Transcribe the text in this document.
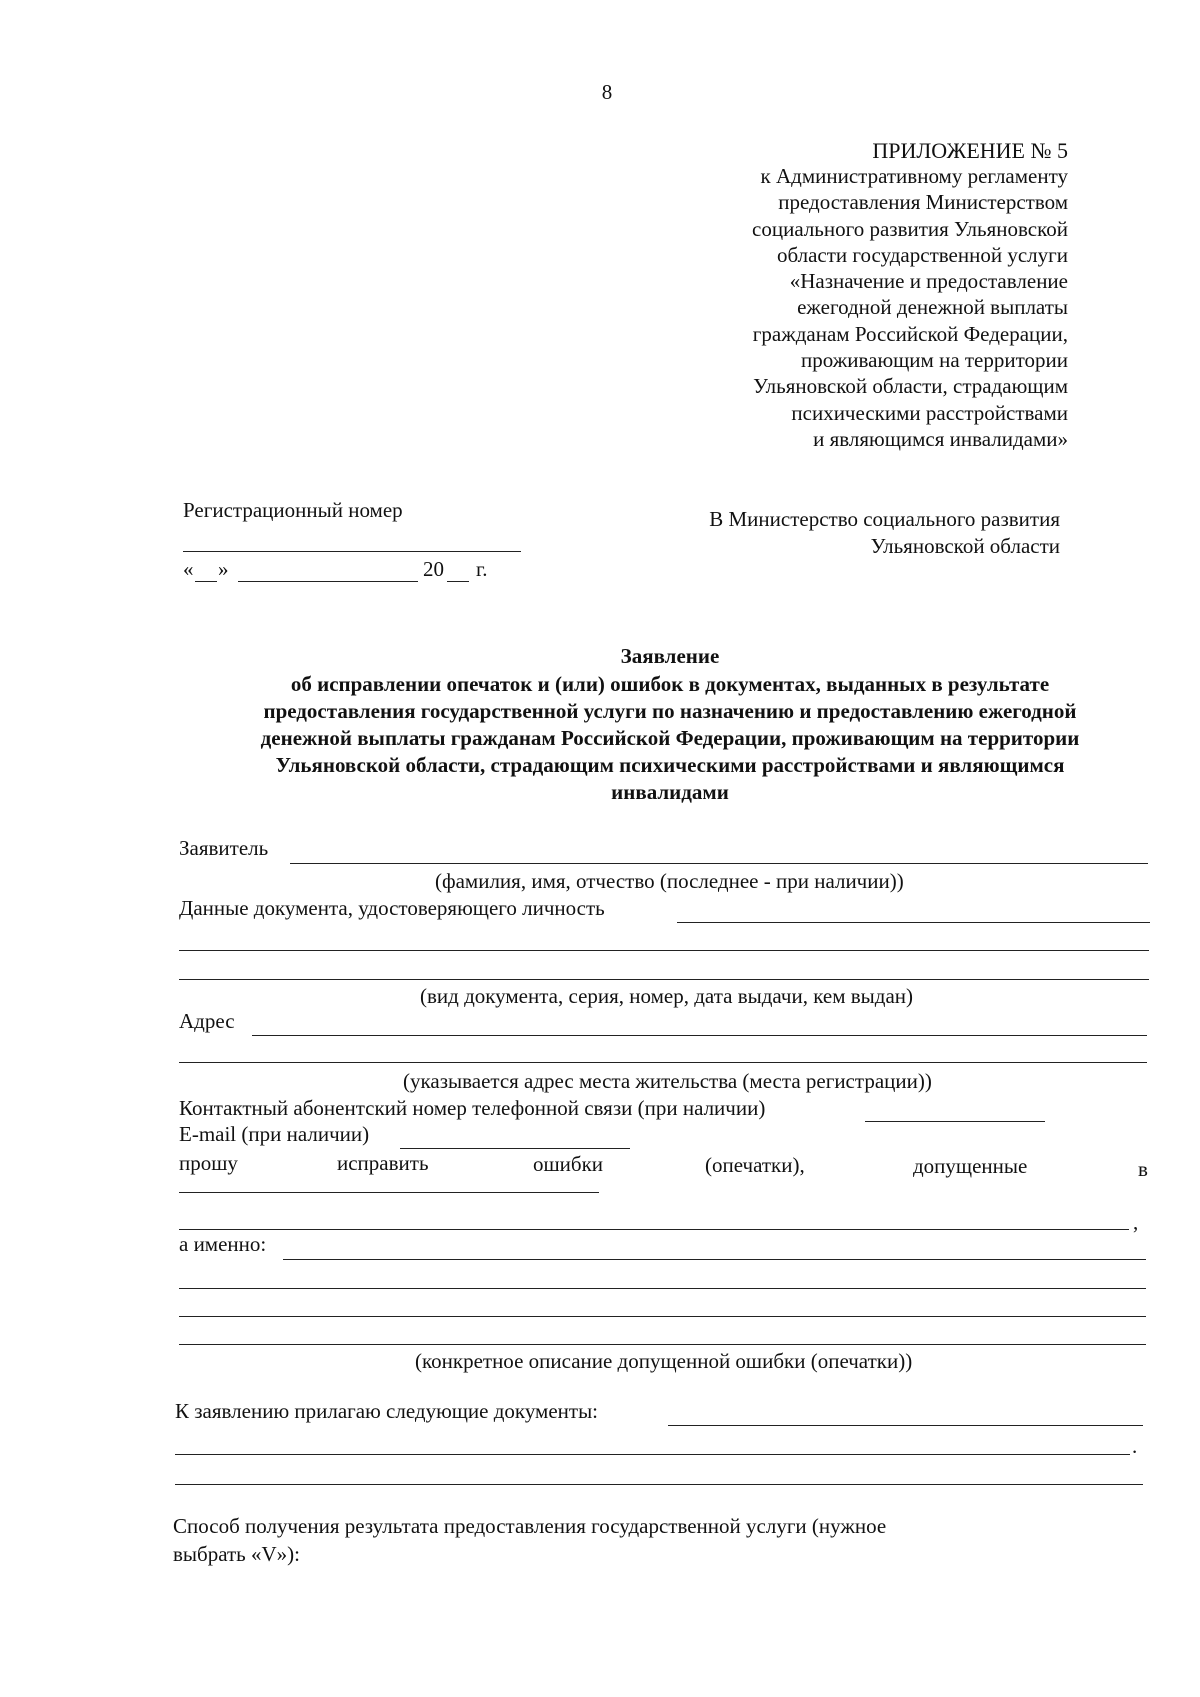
8
ПРИЛОЖЕНИЕ № 5
к Административному регламенту
предоставления Министерством
социального развития Ульяновской
области государственной услуги
«Назначение и предоставление
ежегодной денежной выплаты
гражданам Российской Федерации,
проживающим на территории
Ульяновской области, страдающим
психическими расстройствами
и являющимся инвалидами»
Регистрационный номер
« »	20 г.
В Министерство социального развития
Ульяновской области
Заявление
об исправлении опечаток и (или) ошибок в документах, выданных в результате
предоставления государственной услуги по назначению и предоставлению ежегодной
денежной выплаты гражданам Российской Федерации, проживающим на территории
Ульяновской области, страдающим психическими расстройствами и являющимся
инвалидами
Заявитель
(фамилия, имя, отчество (последнее - при наличии))
Данные документа, удостоверяющего личность
(вид документа, серия, номер, дата выдачи, кем выдан)
Адрес
(указывается адрес места жительства (места регистрации))
Контактный абонентский номер телефонной связи (при наличии)
E-mail (при наличии)
прошу	исправить	ошибки	(опечатки),	допущенные	в
,
а именно:
(конкретное описание допущенной ошибки (опечатки))
К заявлению прилагаю следующие документы:
.
Способ получения результата предоставления государственной услуги (нужное
выбрать «V»):
